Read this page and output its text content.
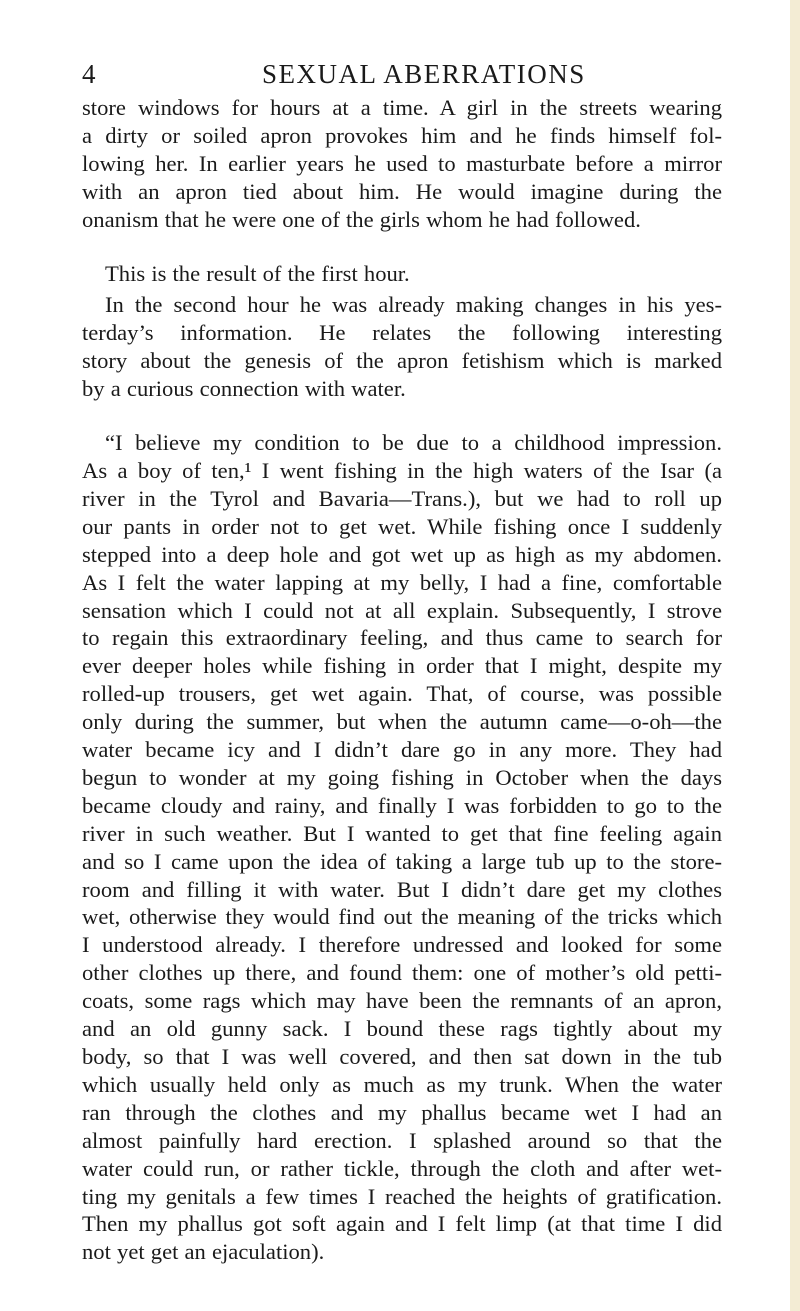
4	SEXUAL ABERRATIONS
store windows for hours at a time. A girl in the streets wearing
a dirty or soiled apron provokes him and he finds himself fol-
lowing her. In earlier years he used to masturbate before a mirror
with an apron tied about him. He would imagine during the
onanism that he were one of the girls whom he had followed.
This is the result of the first hour.
In the second hour he was already making changes in his yes-
terday’s information. He relates the following interesting
story about the genesis of the apron fetishism which is marked
by a curious connection with water.
“I believe my condition to be due to a childhood impression.
As a boy of ten,¹ I went fishing in the high waters of the Isar (a
river in the Tyrol and Bavaria—Trans.), but we had to roll up
our pants in order not to get wet. While fishing once I suddenly
stepped into a deep hole and got wet up as high as my abdomen.
As I felt the water lapping at my belly, I had a fine, comfortable
sensation which I could not at all explain. Subsequently, I strove
to regain this extraordinary feeling, and thus came to search for
ever deeper holes while fishing in order that I might, despite my
rolled-up trousers, get wet again. That, of course, was possible
only during the summer, but when the autumn came—o-oh—the
water became icy and I didn’t dare go in any more. They had
begun to wonder at my going fishing in October when the days
became cloudy and rainy, and finally I was forbidden to go to the
river in such weather. But I wanted to get that fine feeling again
and so I came upon the idea of taking a large tub up to the store-
room and filling it with water. But I didn’t dare get my clothes
wet, otherwise they would find out the meaning of the tricks which
I understood already. I therefore undressed and looked for some
other clothes up there, and found them: one of mother’s old petti-
coats, some rags which may have been the remnants of an apron,
and an old gunny sack. I bound these rags tightly about my
body, so that I was well covered, and then sat down in the tub
which usually held only as much as my trunk. When the water
ran through the clothes and my phallus became wet I had an
almost painfully hard erection. I splashed around so that the
water could run, or rather tickle, through the cloth and after wet-
ting my genitals a few times I reached the heights of gratification.
Then my phallus got soft again and I felt limp (at that time I did
not yet get an ejaculation).
